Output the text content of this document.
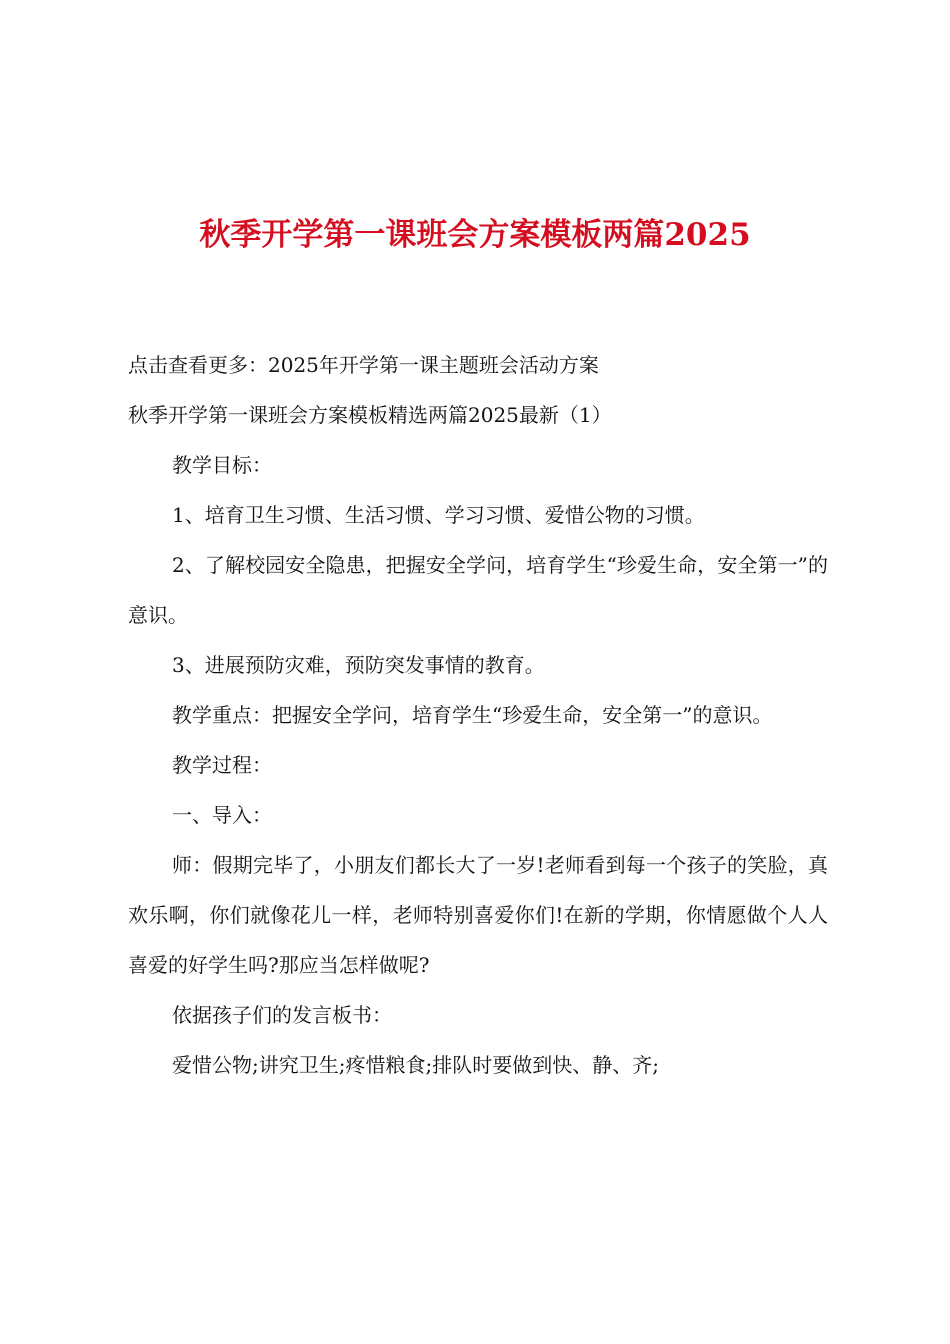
秋季开学第一课班会方案模板两篇2025

点击查看更多：2025年开学第一课主题班会活动方案

秋季开学第一课班会方案模板精选两篇2025最新（1）

教学目标：

1、培育卫生习惯、生活习惯、学习习惯、爱惜公物的习惯。

2、了解校园安全隐患，把握安全学问，培育学生“珍爱生命，安全第一”的意识。

3、进展预防灾难，预防突发事情的教育。

教学重点：把握安全学问，培育学生“珍爱生命，安全第一”的意识。

教学过程：

一、导入：

师：假期完毕了，小朋友们都长大了一岁!老师看到每一个孩子的笑脸，真欢乐啊，你们就像花儿一样，老师特别喜爱你们!在新的学期，你情愿做个人人喜爱的好学生吗?那应当怎样做呢?

依据孩子们的发言板书：

爱惜公物;讲究卫生;疼惜粮食;排队时要做到快、静、齐;
